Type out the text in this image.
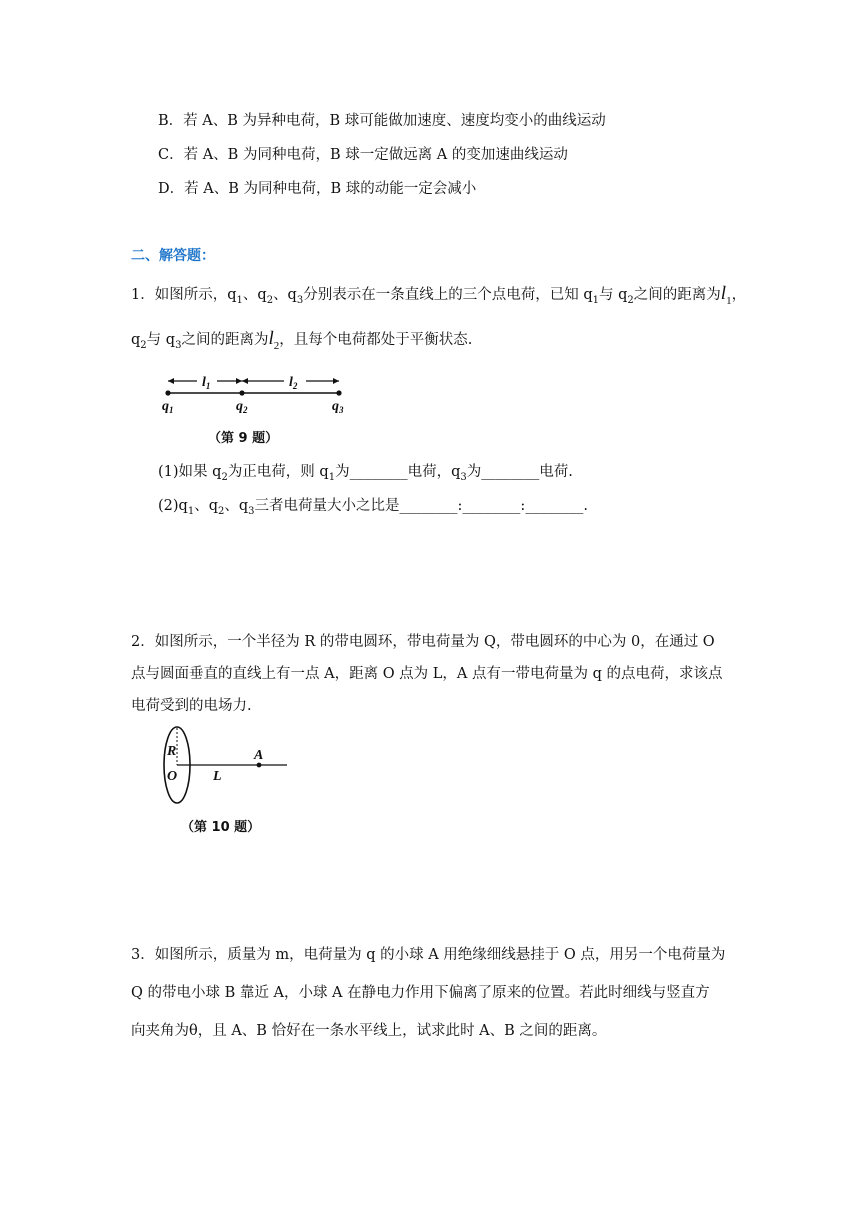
B．若 A、B 为异种电荷，B 球可能做加速度、速度均变小的曲线运动
C．若 A、B 为同种电荷，B 球一定做远离 A 的变加速曲线运动
D．若 A、B 为同种电荷，B 球的动能一定会减小
二、解答题：
1．如图所示，$q_1$、$q_2$、$q_3$分别表示在一条直线上的三个点电荷，已知 $q_1$与 $q_2$之间的距离为$l_1$，
$q_2$与 $q_3$之间的距离为$l_2$，且每个电荷都处于平衡状态.
$l_1$	$l_2$
$q_1$	$q_2$	$q_3$
（第 9 题）
(1)如果 $q_2$为正电荷，则 $q_1$为________电荷，$q_3$为________电荷.
$(2)q_1$、$q_2$、$q_3$三者电荷量大小之比是________:________:________.
2．如图所示，一个半径为 R 的带电圆环，带电荷量为 Q，带电圆环的中心为 0，在通过 O
点与圆面垂直的直线上有一点 A，距离 O 点为 L，A 点有一带电荷量为 q 的点电荷，求该点
电荷受到的电场力.
R
O	L
A
（第 10 题）
3．如图所示，质量为 m，电荷量为 q 的小球 A 用绝缘细线悬挂于 O 点，用另一个电荷量为
Q 的带电小球 B 靠近 A，小球 A 在静电力作用下偏离了原来的位置。若此时细线与竖直方
向夹角为θ，且 A、B 恰好在一条水平线上，试求此时 A、B 之间的距离。
